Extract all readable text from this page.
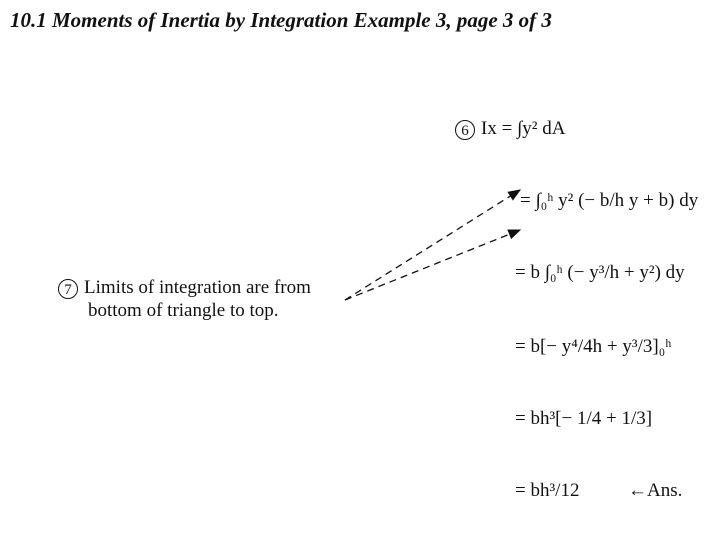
10.1 Moments of Inertia by Integration Example 3, page 3 of 3
6 Ix = ∫y² dA
7 Limits of integration are from
bottom of triangle to top.
= ∫₀ʰ y² (− b/h y + b) dy
= b ∫₀ʰ (− y³/h + y²) dy
= b[− y⁴/4h + y³/3]₀ʰ
= bh³[− 1/4 + 1/3]
= bh³/12	←Ans.
